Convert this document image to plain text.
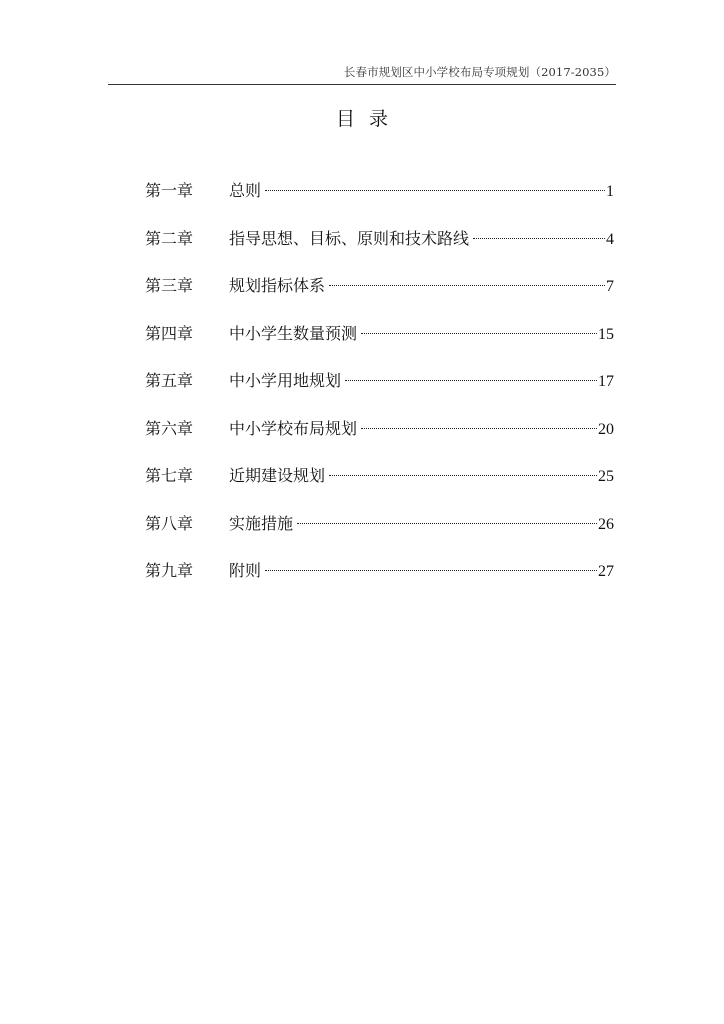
长春市规划区中小学校布局专项规划（2017-2035）
目录
第一章	总则	1
第二章	指导思想、目标、原则和技术路线	4
第三章	规划指标体系	7
第四章	中小学生数量预测	15
第五章	中小学用地规划	17
第六章	中小学校布局规划	20
第七章	近期建设规划	25
第八章	实施措施	26
第九章	附则	27
